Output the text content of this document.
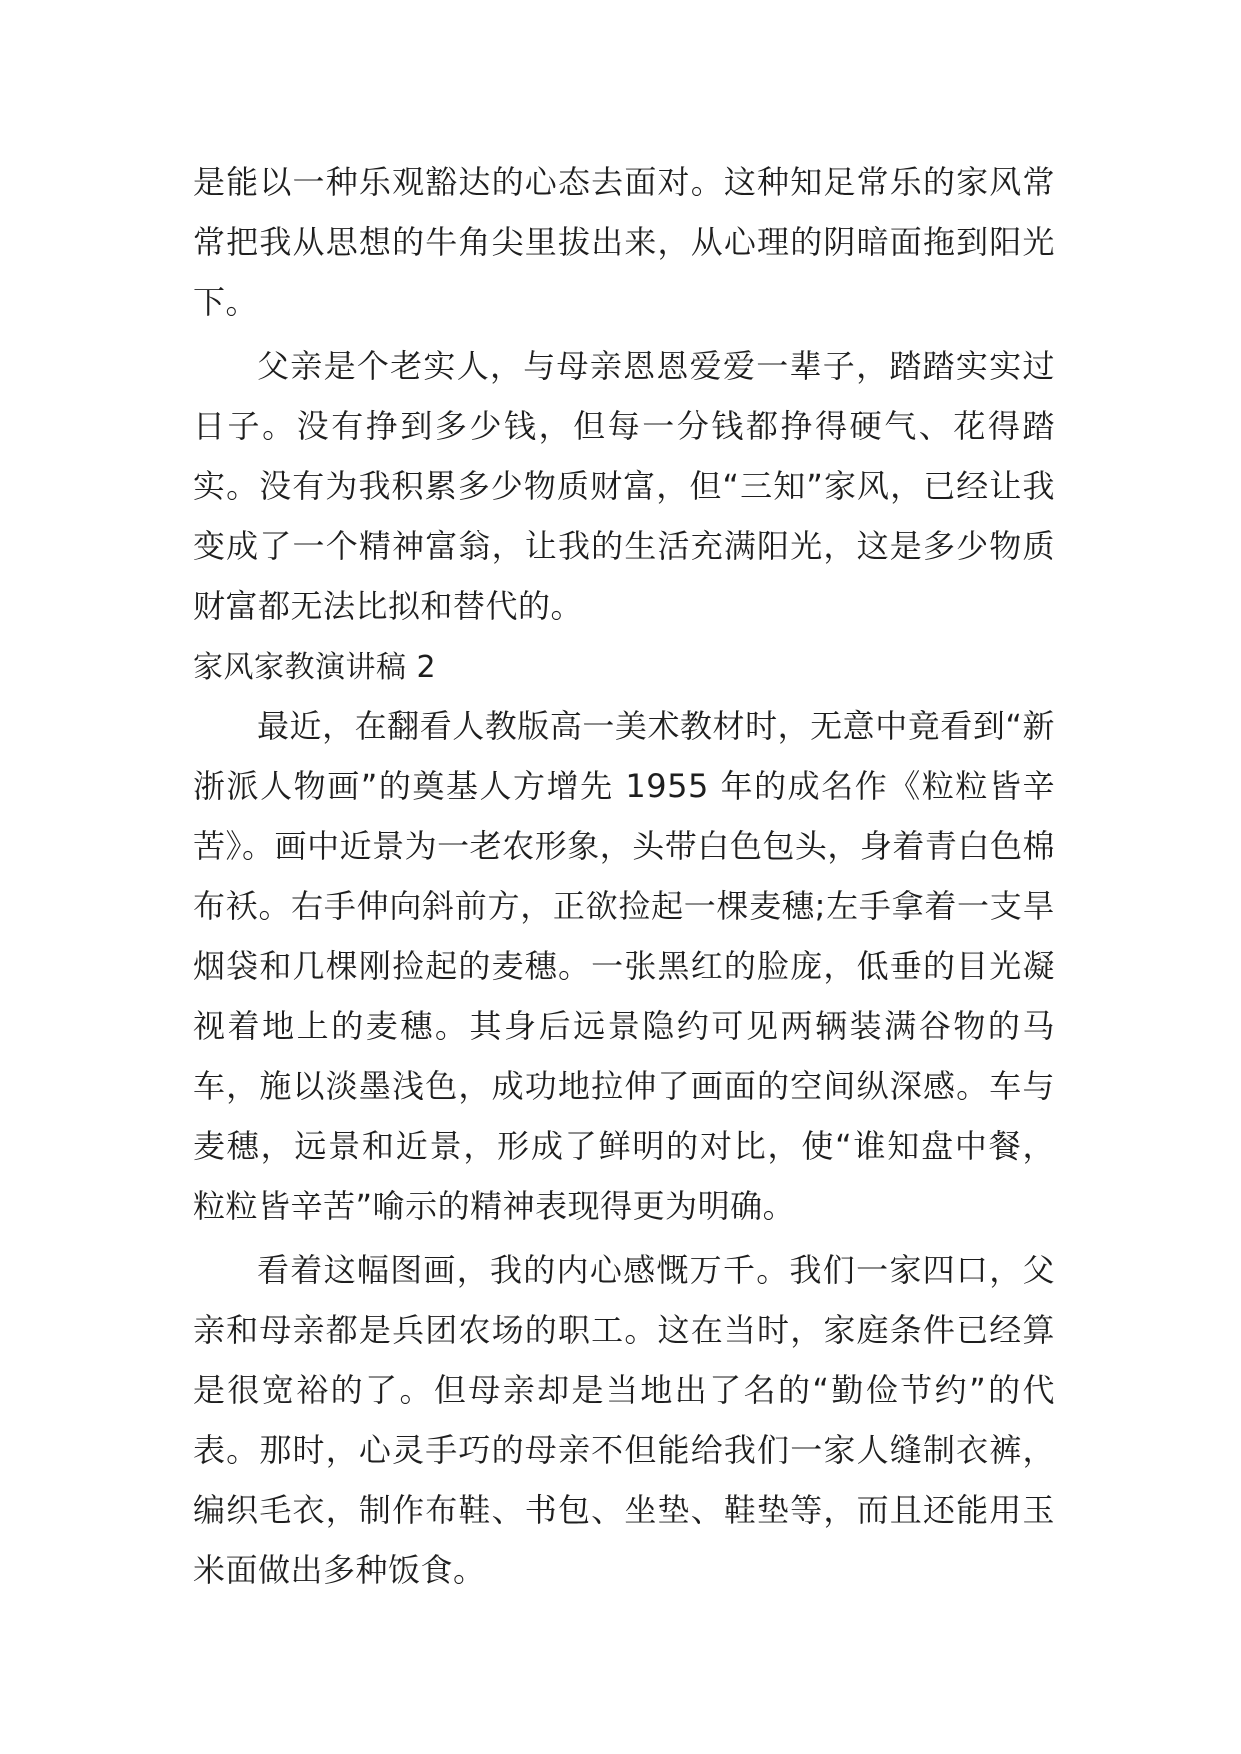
是能以一种乐观豁达的心态去面对。这种知足常乐的家风常常把我从思想的牛角尖里拔出来，从心理的阴暗面拖到阳光下。

父亲是个老实人，与母亲恩恩爱爱一辈子，踏踏实实过日子。没有挣到多少钱，但每一分钱都挣得硬气、花得踏实。没有为我积累多少物质财富，但“三知”家风，已经让我变成了一个精神富翁，让我的生活充满阳光，这是多少物质财富都无法比拟和替代的。

家风家教演讲稿 2

最近，在翻看人教版高一美术教材时，无意中竟看到“新浙派人物画”的奠基人方增先 1955 年的成名作《粒粒皆辛苦》。画中近景为一老农形象，头带白色包头，身着青白色棉布袄。右手伸向斜前方，正欲捡起一棵麦穗;左手拿着一支旱烟袋和几棵刚捡起的麦穗。一张黑红的脸庞，低垂的目光凝视着地上的麦穗。其身后远景隐约可见两辆装满谷物的马车，施以淡墨浅色，成功地拉伸了画面的空间纵深感。车与麦穗，远景和近景，形成了鲜明的对比，使“谁知盘中餐，粒粒皆辛苦”喻示的精神表现得更为明确。

看着这幅图画，我的内心感慨万千。我们一家四口，父亲和母亲都是兵团农场的职工。这在当时，家庭条件已经算是很宽裕的了。但母亲却是当地出了名的“勤俭节约”的代表。那时，心灵手巧的母亲不但能给我们一家人缝制衣裤，编织毛衣，制作布鞋、书包、坐垫、鞋垫等，而且还能用玉米面做出多种饭食。
